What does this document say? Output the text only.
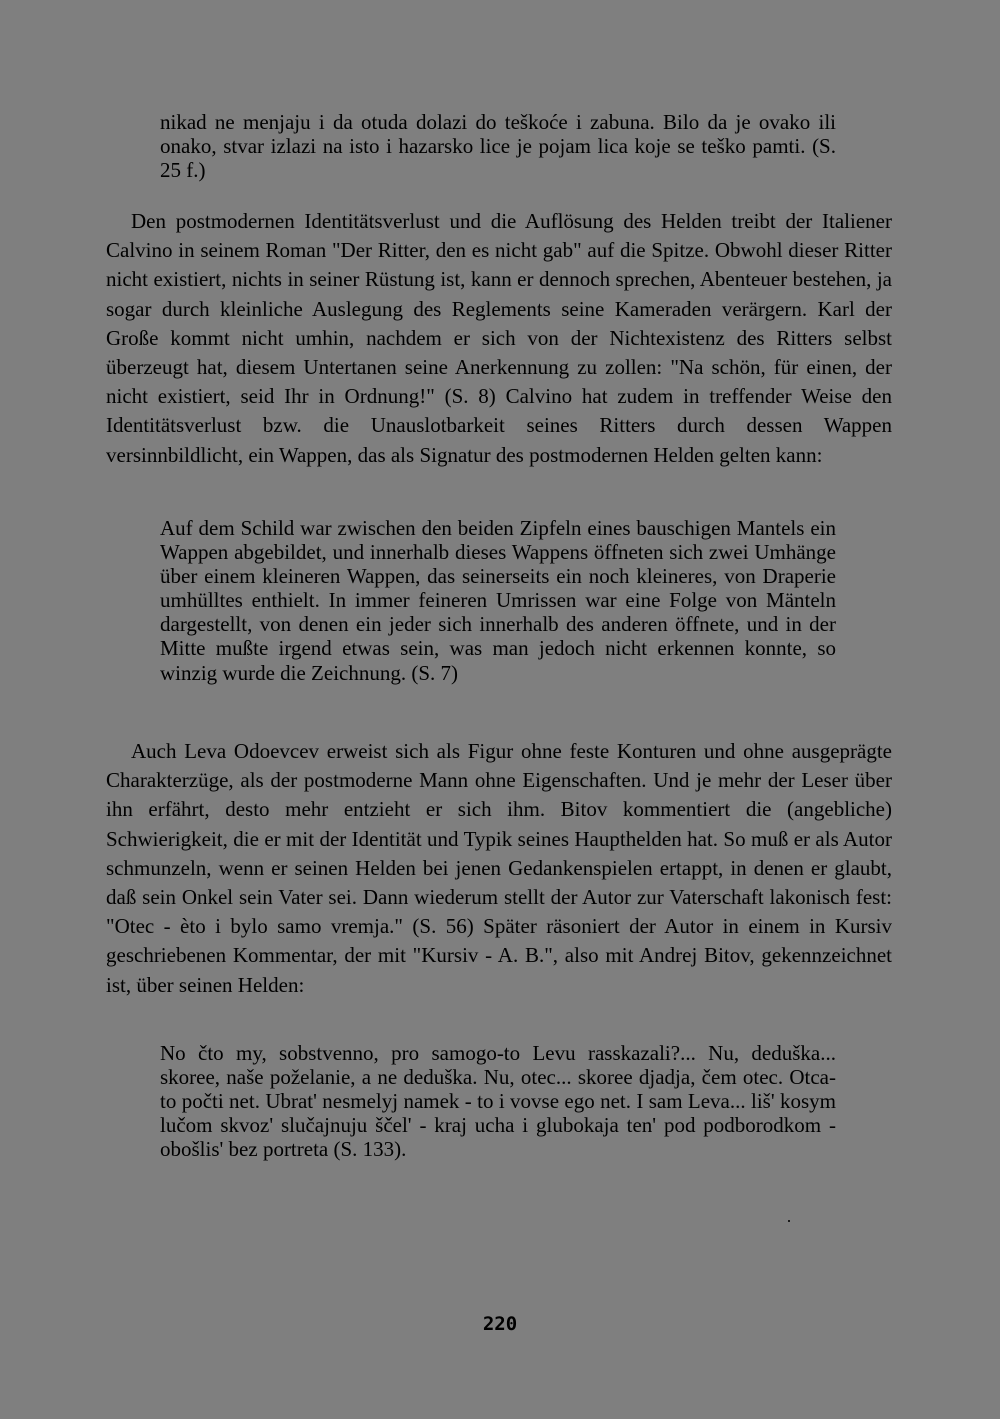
nikad ne menjaju i da otuda dolazi do teškoće i zabuna. Bilo da je ovako ili onako, stvar izlazi na isto i hazarsko lice je pojam lica koje se teško pamti. (S. 25 f.)

Den postmodernen Identitätsverlust und die Auflösung des Helden treibt der Italiener Calvino in seinem Roman "Der Ritter, den es nicht gab" auf die Spitze. Obwohl dieser Ritter nicht existiert, nichts in seiner Rüstung ist, kann er dennoch sprechen, Abenteuer bestehen, ja sogar durch kleinliche Auslegung des Reglements seine Kameraden verärgern. Karl der Große kommt nicht umhin, nachdem er sich von der Nichtexistenz des Ritters selbst überzeugt hat, diesem Untertanen seine Anerkennung zu zollen: "Na schön, für einen, der nicht existiert, seid Ihr in Ordnung!" (S. 8) Calvino hat zudem in treffender Weise den Identitätsverlust bzw. die Unauslotbarkeit seines Ritters durch dessen Wappen versinnbildlicht, ein Wappen, das als Signatur des postmodernen Helden gelten kann:

Auf dem Schild war zwischen den beiden Zipfeln eines bauschigen Mantels ein Wappen abgebildet, und innerhalb dieses Wappens öffneten sich zwei Umhänge über einem kleineren Wappen, das seinerseits ein noch kleineres, von Draperie umhülltes enthielt. In immer feineren Umrissen war eine Folge von Mänteln dargestellt, von denen ein jeder sich innerhalb des anderen öffnete, und in der Mitte mußte irgend etwas sein, was man jedoch nicht erkennen konnte, so winzig wurde die Zeichnung. (S. 7)

Auch Leva Odoevcev erweist sich als Figur ohne feste Konturen und ohne ausgeprägte Charakterzüge, als der postmoderne Mann ohne Eigenschaften. Und je mehr der Leser über ihn erfährt, desto mehr entzieht er sich ihm. Bitov kommentiert die (angebliche) Schwierigkeit, die er mit der Identität und Typik seines Haupthelden hat. So muß er als Autor schmunzeln, wenn er seinen Helden bei jenen Gedankenspielen ertappt, in denen er glaubt, daß sein Onkel sein Vater sei. Dann wiederum stellt der Autor zur Vaterschaft lakonisch fest: "Otec - èto i bylo samo vremja." (S. 56) Später räsoniert der Autor in einem in Kursiv geschriebenen Kommentar, der mit "Kursiv - A. B.", also mit Andrej Bitov, gekennzeichnet ist, über seinen Helden:

No čto my, sobstvenno, pro samogo-to Levu rasskazali?... Nu, deduška... skoree, naše poželanie, a ne deduška. Nu, otec... skoree djadja, čem otec. Otca-to počti net. Ubrat' nesmelyj namek - to i vovse ego net. I sam Leva... liš' kosym lučom skvoz' slučajnuju ščel' - kraj ucha i glubokaja ten' pod podborodkom - obošlis' bez portreta (S. 133).

220
